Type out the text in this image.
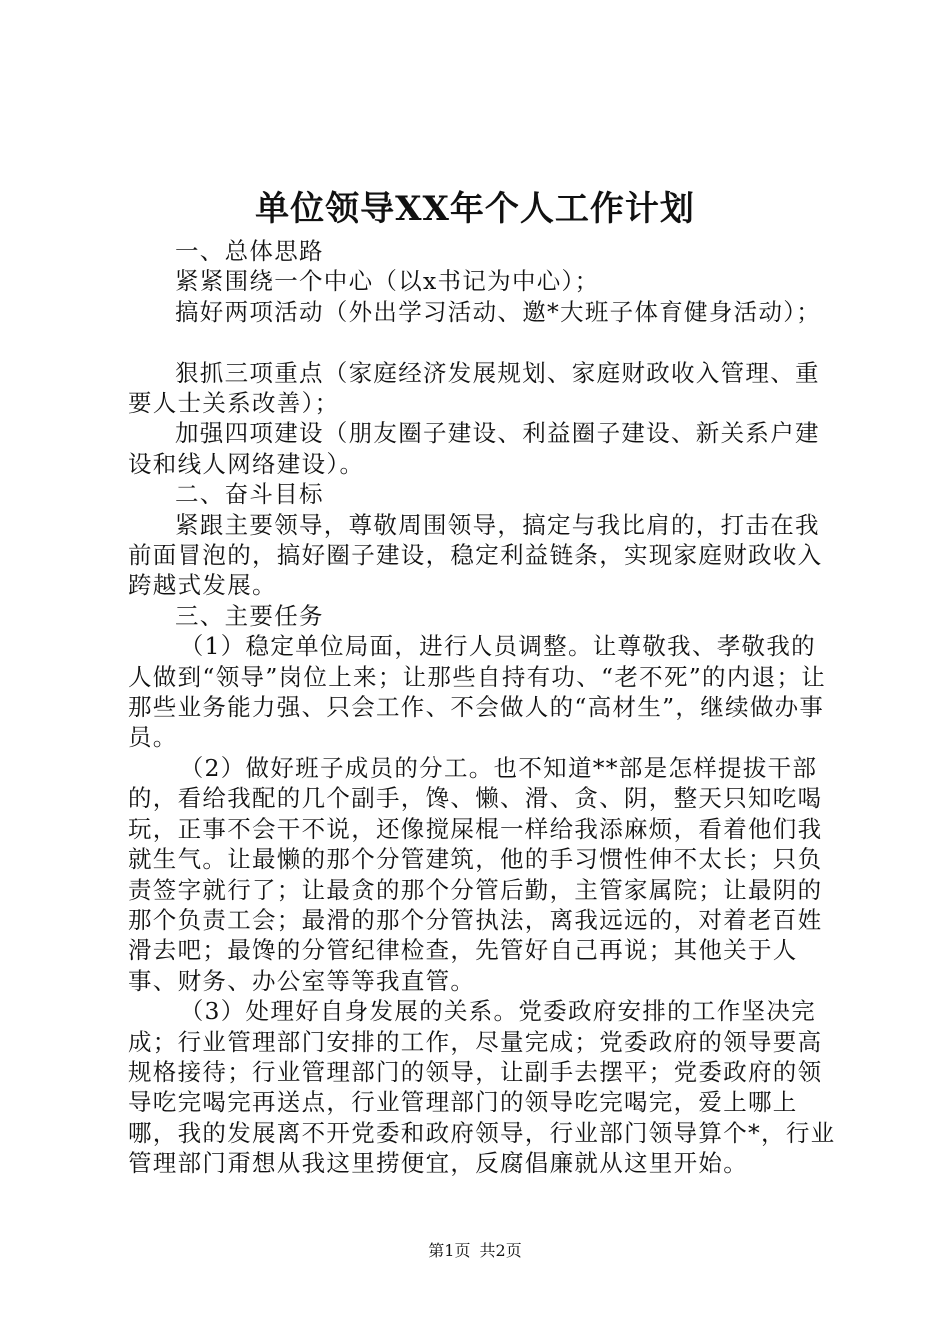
单位领导XX年个人工作计划

一、总体思路

紧紧围绕一个中心（以x书记为中心）；

搞好两项活动（外出学习活动、邀*大班子体育健身活动）；

狠抓三项重点（家庭经济发展规划、家庭财政收入管理、重要人士关系改善）；

加强四项建设（朋友圈子建设、利益圈子建设、新关系户建设和线人网络建设）。

二、奋斗目标

紧跟主要领导，尊敬周围领导，搞定与我比肩的，打击在我前面冒泡的，搞好圈子建设，稳定利益链条，实现家庭财政收入跨越式发展。

三、主要任务

（1）稳定单位局面，进行人员调整。让尊敬我、孝敬我的人做到“领导”岗位上来；让那些自持有功、“老不死”的内退；让那些业务能力强、只会工作、不会做人的“高材生”，继续做办事员。

（2）做好班子成员的分工。也不知道**部是怎样提拔干部的，看给我配的几个副手，馋、懒、滑、贪、阴，整天只知吃喝玩，正事不会干不说，还像搅屎棍一样给我添麻烦，看着他们我就生气。让最懒的那个分管建筑，他的手习惯性伸不太长；只负责签字就行了；让最贪的那个分管后勤，主管家属院；让最阴的那个负责工会；最滑的那个分管执法，离我远远的，对着老百姓滑去吧；最馋的分管纪律检查，先管好自己再说；其他关于人事、财务、办公室等等我直管。

（3）处理好自身发展的关系。党委政府安排的工作坚决完成；行业管理部门安排的工作，尽量完成；党委政府的领导要高规格接待；行业管理部门的领导，让副手去摆平；党委政府的领导吃完喝完再送点，行业管理部门的领导吃完喝完，爱上哪上哪，我的发展离不开党委和政府领导，行业部门领导算个*，行业管理部门甭想从我这里捞便宜，反腐倡廉就从这里开始。

第1页 共2页
